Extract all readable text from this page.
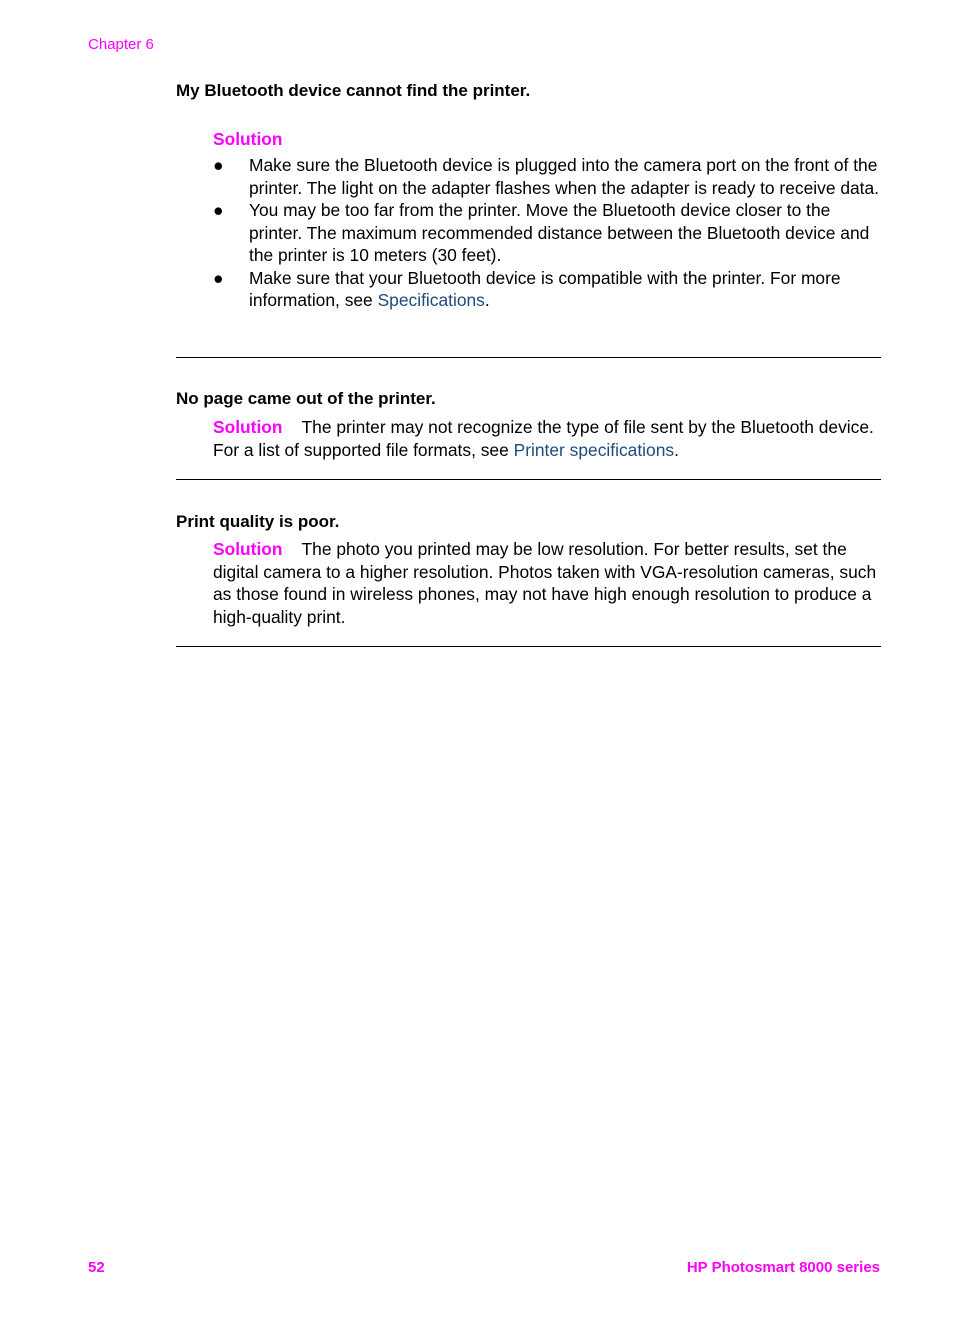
Chapter 6
My Bluetooth device cannot find the printer.
Solution
● Make sure the Bluetooth device is plugged into the camera port on the front of the printer. The light on the adapter flashes when the adapter is ready to receive data.
● You may be too far from the printer. Move the Bluetooth device closer to the printer. The maximum recommended distance between the Bluetooth device and the printer is 10 meters (30 feet).
● Make sure that your Bluetooth device is compatible with the printer. For more information, see Specifications.
No page came out of the printer.
Solution The printer may not recognize the type of file sent by the Bluetooth device. For a list of supported file formats, see Printer specifications.
Print quality is poor.
Solution The photo you printed may be low resolution. For better results, set the digital camera to a higher resolution. Photos taken with VGA-resolution cameras, such as those found in wireless phones, may not have high enough resolution to produce a high-quality print.
52	HP Photosmart 8000 series
